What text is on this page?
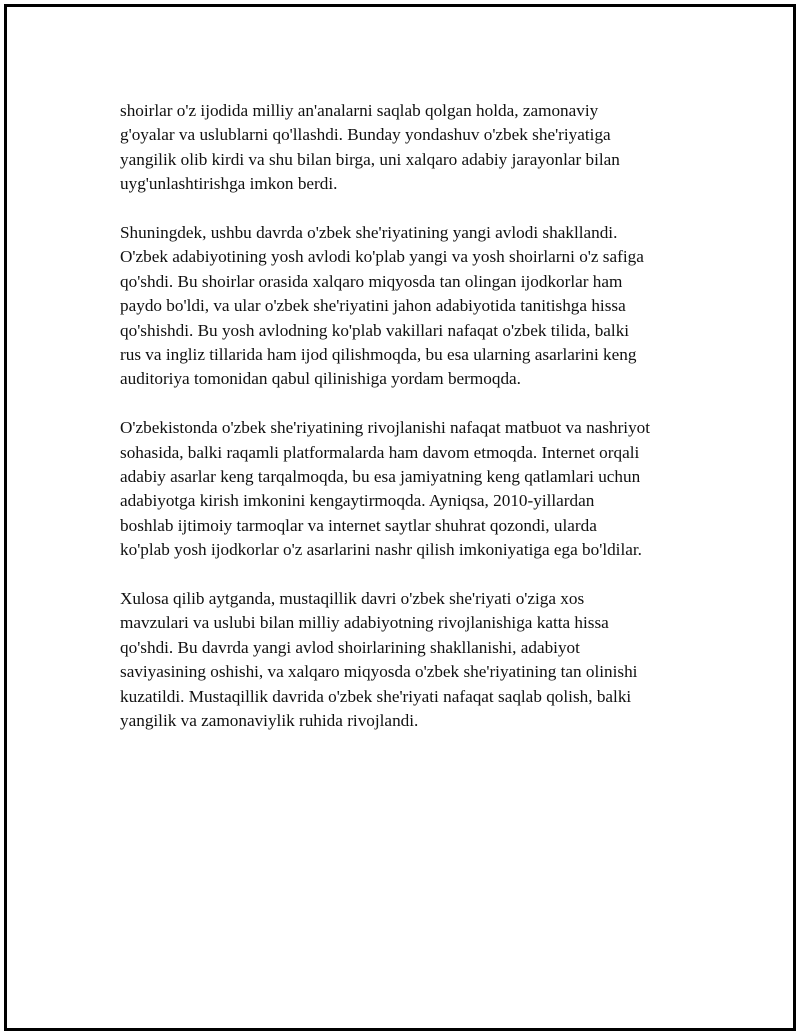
shoirlar o'z ijodida milliy an'analarni saqlab qolgan holda, zamonaviy
g'oyalar va uslublarni qo'llashdi. Bunday yondashuv o'zbek she'riyatiga
yangilik olib kirdi va shu bilan birga, uni xalqaro adabiy jarayonlar bilan
uyg'unlashtirishga imkon berdi.

Shuningdek, ushbu davrda o'zbek she'riyatining yangi avlodi shakllandi.
O'zbek adabiyotining yosh avlodi ko'plab yangi va yosh shoirlarni o'z safiga
qo'shdi. Bu shoirlar orasida xalqaro miqyosda tan olingan ijodkorlar ham
paydo bo'ldi, va ular o'zbek she'riyatini jahon adabiyotida tanitishga hissa
qo'shishdi. Bu yosh avlodning ko'plab vakillari nafaqat o'zbek tilida, balki
rus va ingliz tillarida ham ijod qilishmoqda, bu esa ularning asarlarini keng
auditoriya tomonidan qabul qilinishiga yordam bermoqda.

O'zbekistonda o'zbek she'riyatining rivojlanishi nafaqat matbuot va nashriyot
sohasida, balki raqamli platformalarda ham davom etmoqda. Internet orqali
adabiy asarlar keng tarqalmoqda, bu esa jamiyatning keng qatlamlari uchun
adabiyotga kirish imkonini kengaytirmoqda. Ayniqsa, 2010-yillardan
boshlab ijtimoiy tarmoqlar va internet saytlar shuhrat qozondi, ularda
ko'plab yosh ijodkorlar o'z asarlarini nashr qilish imkoniyatiga ega bo'ldilar.

Xulosa qilib aytganda, mustaqillik davri o'zbek she'riyati o'ziga xos
mavzulari va uslubi bilan milliy adabiyotning rivojlanishiga katta hissa
qo'shdi. Bu davrda yangi avlod shoirlarining shakllanishi, adabiyot
saviyasining oshishi, va xalqaro miqyosda o'zbek she'riyatining tan olinishi
kuzatildi. Mustaqillik davrida o'zbek she'riyati nafaqat saqlab qolish, balki
yangilik va zamonaviylik ruhida rivojlandi.
